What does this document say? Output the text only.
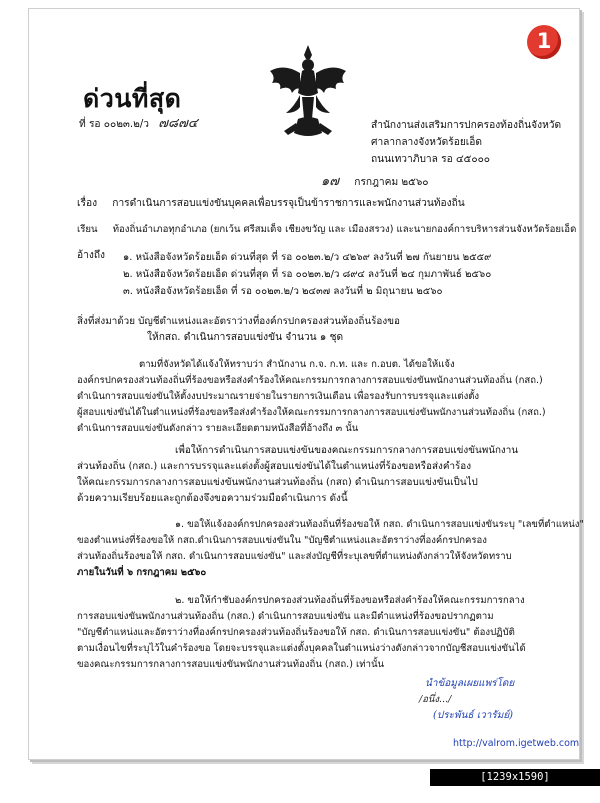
ด่วนที่สุด
ที่ รอ ๐๐๒๓.๒/ว ๗๘๗๔
1
สำนักงานส่งเสริมการปกครองท้องถิ่นจังหวัด
ศาลากลางจังหวัดร้อยเอ็ด
ถนนเทวาภิบาล รอ ๔๕๐๐๐
๑๗ กรกฎาคม ๒๕๖๐
เรื่อง การดำเนินการสอบแข่งขันบุคคลเพื่อบรรจุเป็นข้าราชการและพนักงานส่วนท้องถิ่น
เรียน ท้องถิ่นอำเภอทุกอำเภอ (ยกเว้น ศรีสมเด็จ เชียงขวัญ และ เมืองสรวง) และนายกองค์การบริหารส่วนจังหวัดร้อยเอ็ด
อ้างถึง ๑. หนังสือจังหวัดร้อยเอ็ด ด่วนที่สุด ที่ รอ ๐๐๒๓.๒/ว ๔๒๖๙ ลงวันที่ ๒๗ กันยายน ๒๕๕๙
๒. หนังสือจังหวัดร้อยเอ็ด ด่วนที่สุด ที่ รอ ๐๐๒๓.๒/ว ๘๙๔ ลงวันที่ ๒๔ กุมภาพันธ์ ๒๕๖๐
๓. หนังสือจังหวัดร้อยเอ็ด ที่ รอ ๐๐๒๓.๒/ว ๒๔๓๗ ลงวันที่ ๒ มิถุนายน ๒๕๖๐
สิ่งที่ส่งมาด้วย บัญชีตำแหน่งและอัตราว่างที่องค์กรปกครองส่วนท้องถิ่นร้องขอ
ให้กสถ. ดำเนินการสอบแข่งขัน จำนวน ๑ ชุด
ตามที่จังหวัดได้แจ้งให้ทราบว่า สำนักงาน ก.จ. ก.ท. และ ก.อบต. ได้ขอให้แจ้ง
องค์กรปกครองส่วนท้องถิ่นที่ร้องขอหรือส่งคำร้องให้คณะกรรมการกลางการสอบแข่งขันพนักงานส่วนท้องถิ่น (กสถ.)
ดำเนินการสอบแข่งขันให้ตั้งงบประมาณรายจ่ายในรายการเงินเดือน เพื่อรองรับการบรรจุและแต่งตั้ง
ผู้สอบแข่งขันได้ในตำแหน่งที่ร้องขอหรือส่งคำร้องให้คณะกรรมการกลางการสอบแข่งขันพนักงานส่วนท้องถิ่น (กสถ.)
ดำเนินการสอบแข่งขันดังกล่าว รายละเอียดตามหนังสือที่อ้างถึง ๓ นั้น
เพื่อให้การดำเนินการสอบแข่งขันของคณะกรรมการกลางการสอบแข่งขันพนักงาน
ส่วนท้องถิ่น (กสถ.) และการบรรจุและแต่งตั้งผู้สอบแข่งขันได้ในตำแหน่งที่ร้องขอหรือส่งคำร้อง
ให้คณะกรรมการกลางการสอบแข่งขันพนักงานส่วนท้องถิ่น (กสถ) ดำเนินการสอบแข่งขันเป็นไป
ด้วยความเรียบร้อยและถูกต้องจึงขอความร่วมมือดำเนินการ ดังนี้
๑. ขอให้แจ้งองค์กรปกครองส่วนท้องถิ่นที่ร้องขอให้ กสถ. ดำเนินการสอบแข่งขันระบุ "เลขที่ตำแหน่ง"
ของตำแหน่งที่ร้องขอให้ กสถ.ดำเนินการสอบแข่งขันใน "บัญชีตำแหน่งและอัตราว่างที่องค์กรปกครอง
ส่วนท้องถิ่นร้องขอให้ กสถ. ดำเนินการสอบแข่งขัน" และส่งบัญชีที่ระบุเลขที่ตำแหน่งดังกล่าวให้จังหวัดทราบ
ภายในวันที่ ๖ กรกฎาคม ๒๕๖๐
๒. ขอให้กำชับองค์กรปกครองส่วนท้องถิ่นที่ร้องขอหรือส่งคำร้องให้คณะกรรมการกลาง
การสอบแข่งขันพนักงานส่วนท้องถิ่น (กสถ.) ดำเนินการสอบแข่งขัน และมีตำแหน่งที่ร้องขอปรากฏตาม
"บัญชีตำแหน่งและอัตราว่างที่องค์กรปกครองส่วนท้องถิ่นร้องขอให้ กสถ. ดำเนินการสอบแข่งขัน" ต้องปฏิบัติ
ตามเงื่อนไขที่ระบุไว้ในคำร้องขอ โดยจะบรรจุและแต่งตั้งบุคคลในตำแหน่งว่างดังกล่าวจากบัญชีสอบแข่งขันได้
ของคณะกรรมการกลางการสอบแข่งขันพนักงานส่วนท้องถิ่น (กสถ.) เท่านั้น
นำข้อมูลเผยแพร่โดย
/อนึ่ง.../
(ประพันธ์ เวารัมย์)
http://valrom.igetweb.com
[1239x1590] https://upic.me/
